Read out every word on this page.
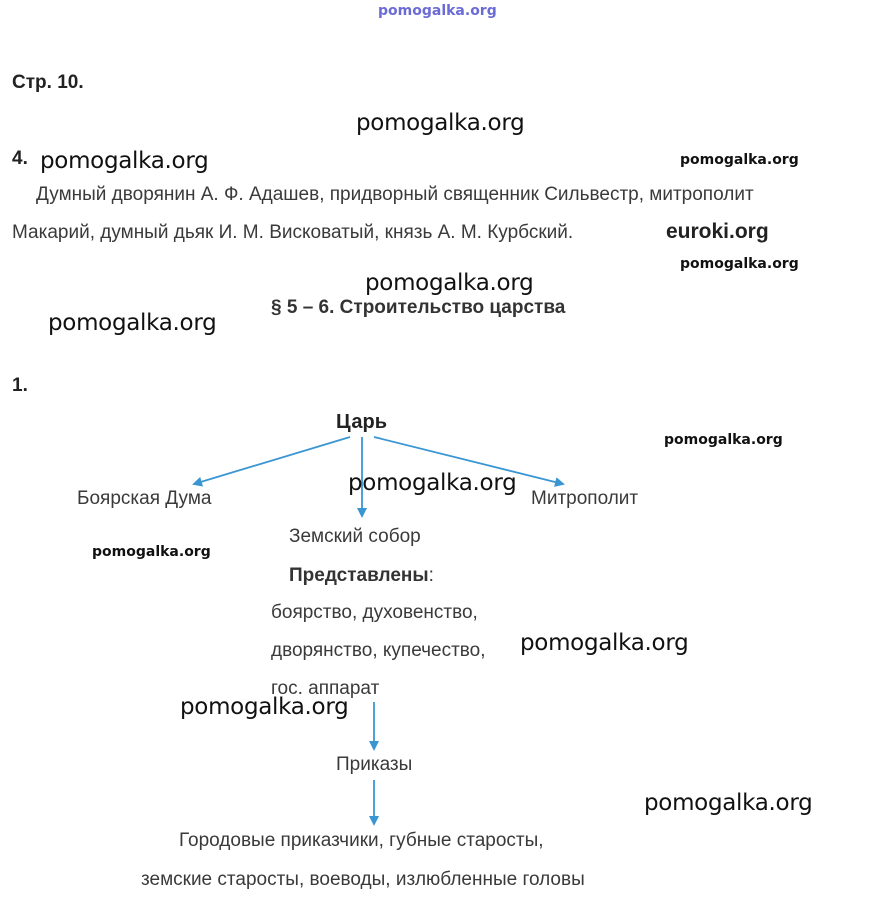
pomogalka.org
Стр. 10.
4.
Думный дворянин А. Ф. Адашев, придворный священник Сильвестр, митрополит
Макарий, думный дьяк И. М. Висковатый, князь А. М. Курбский.	euroki.org
§ 5 – 6. Строительство царства
1.
Царь
Боярская Дума	Митрополит
Земский собор
Представлены:
боярство, духовенство,
дворянство, купечество,
гос. аппарат
Приказы
Городовые приказчики, губные старосты,
земские старосты, воеводы, излюбленные головы
pomogalka.org
pomogalka.org	pomogalka.org
pomogalka.org
pomogalka.org
pomogalka.org
pomogalka.org
pomogalka.org
pomogalka.org
pomogalka.org
pomogalka.org
pomogalka.org
